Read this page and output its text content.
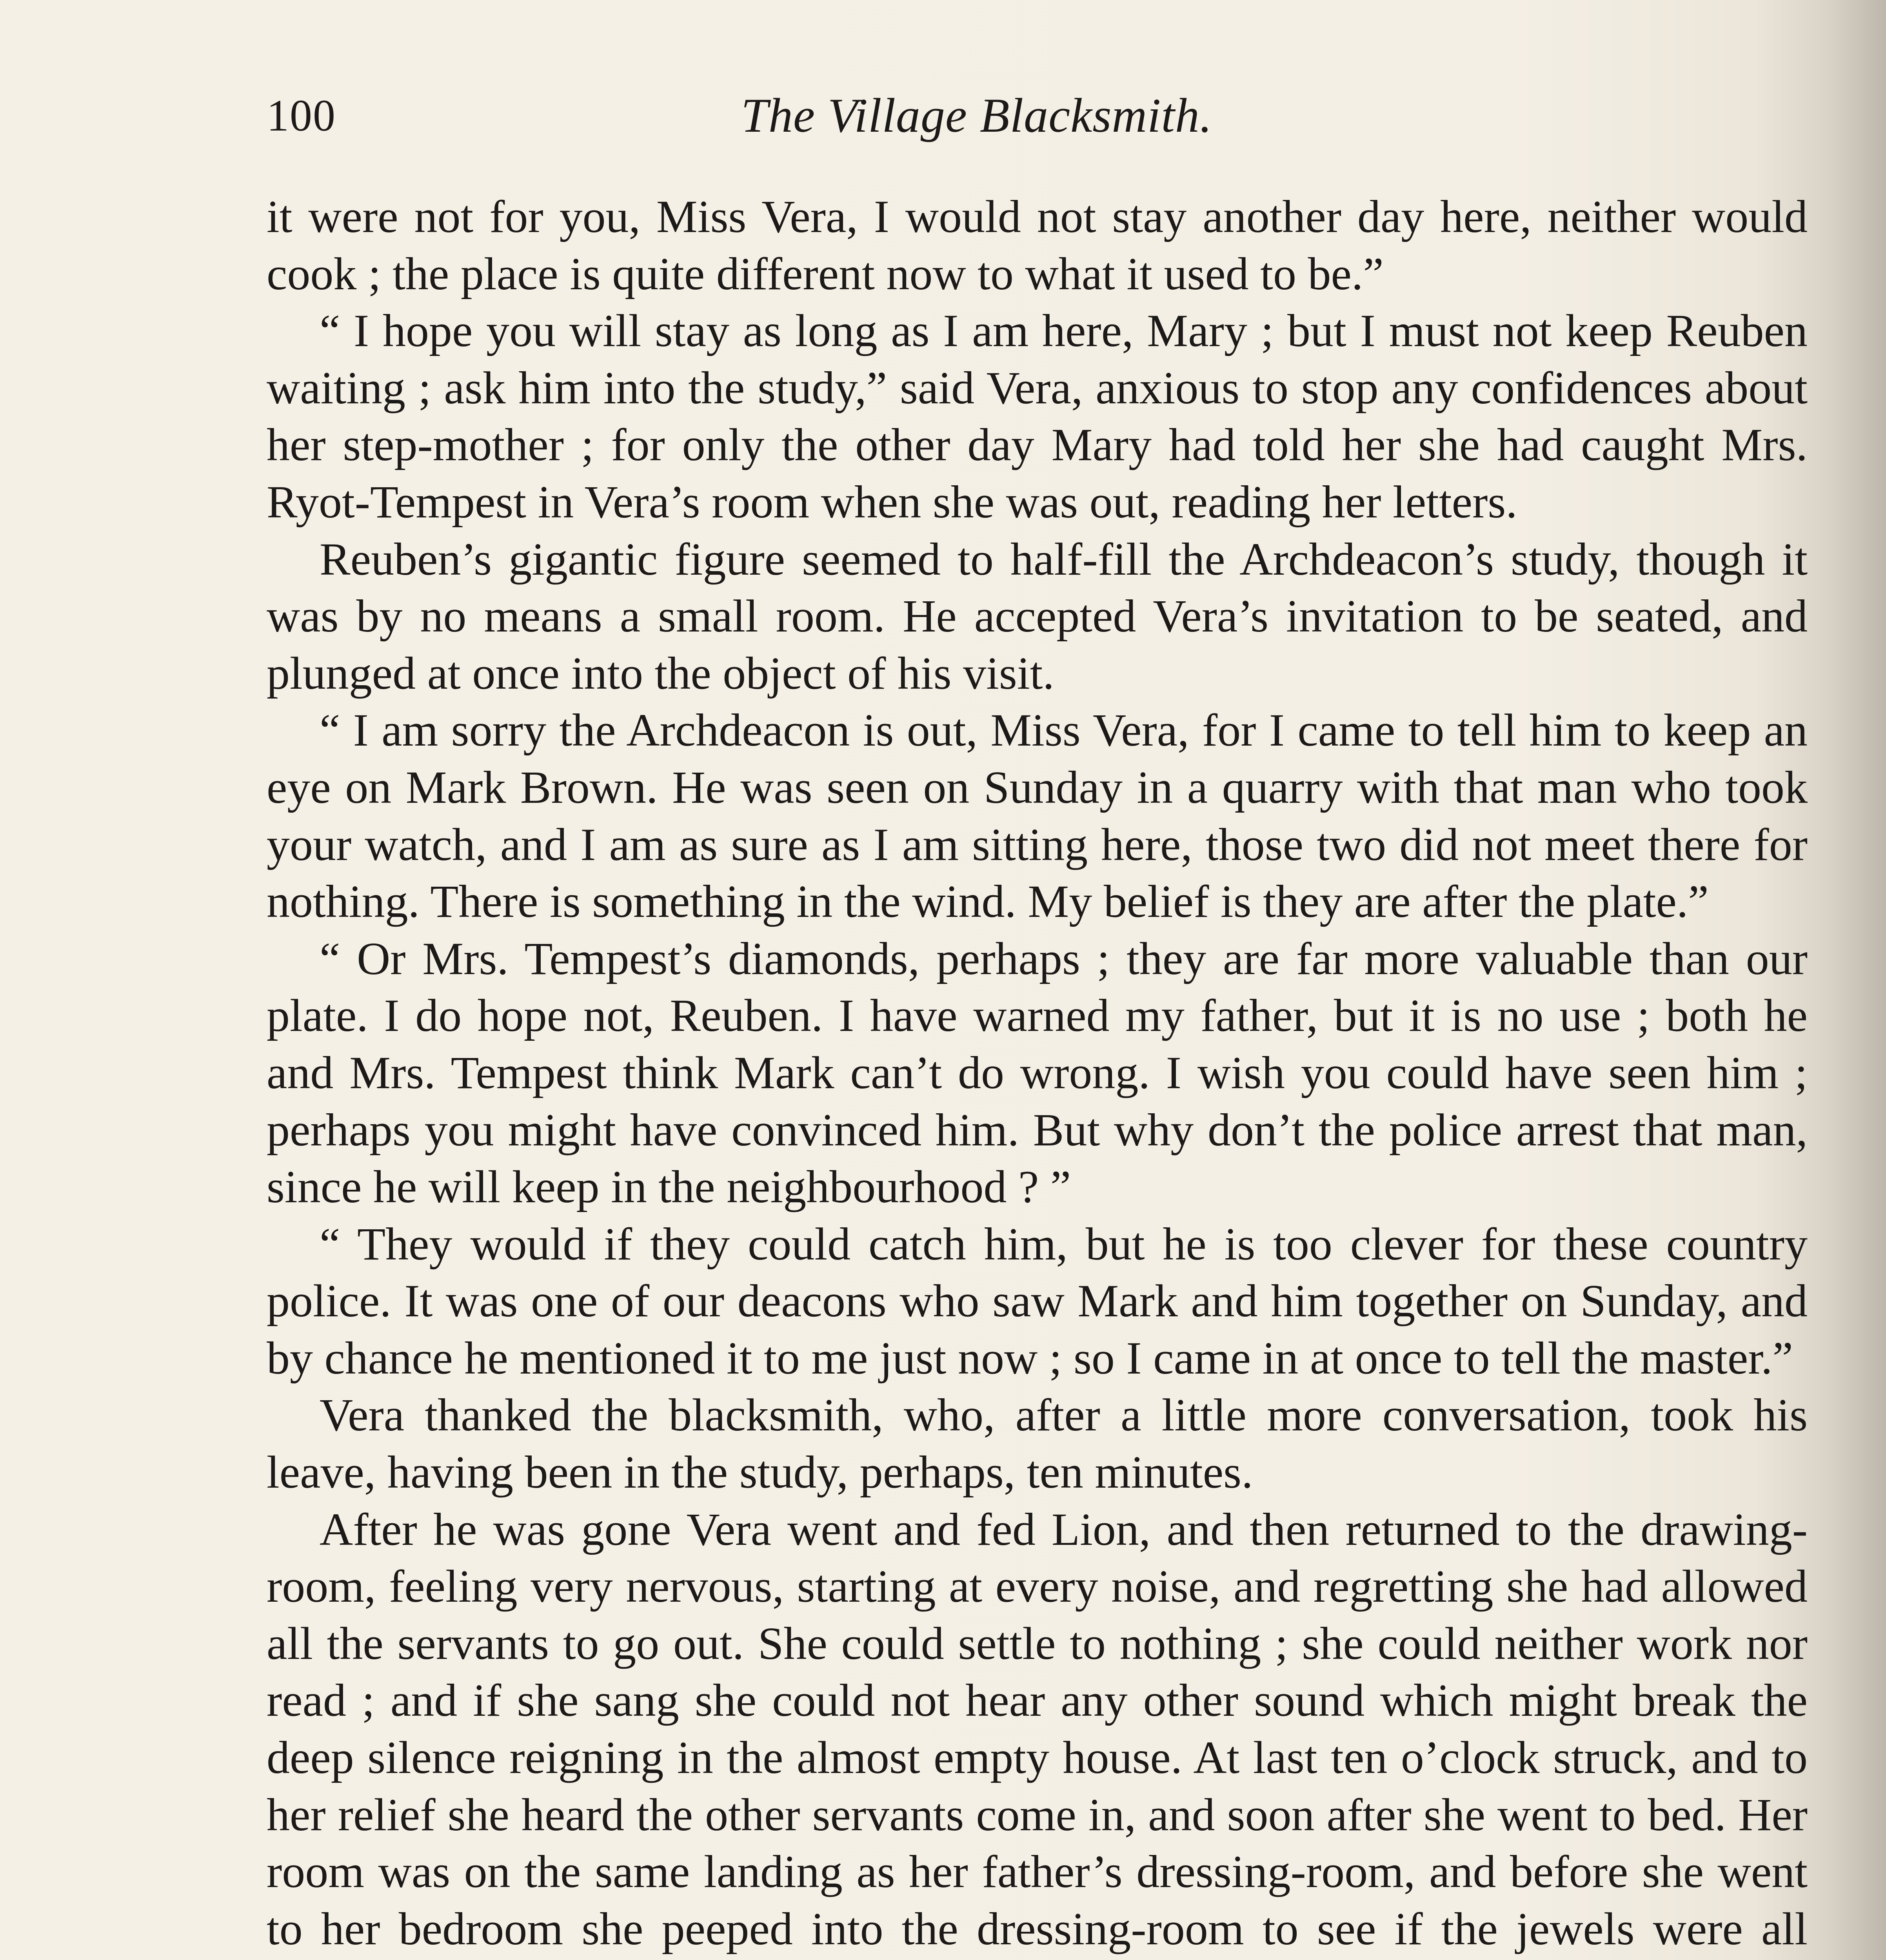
100	The Village Blacksmith.

it were not for you, Miss Vera, I would not stay another day here, neither would cook ; the place is quite different now to what it used to be.”

“ I hope you will stay as long as I am here, Mary ; but I must not keep Reuben waiting ; ask him into the study,” said Vera, anxious to stop any confidences about her step-mother ; for only the other day Mary had told her she had caught Mrs. Ryot-Tempest in Vera’s room when she was out, reading her letters.

Reuben’s gigantic figure seemed to half-fill the Archdeacon’s study, though it was by no means a small room. He accepted Vera’s invitation to be seated, and plunged at once into the object of his visit.

“ I am sorry the Archdeacon is out, Miss Vera, for I came to tell him to keep an eye on Mark Brown. He was seen on Sunday in a quarry with that man who took your watch, and I am as sure as I am sitting here, those two did not meet there for nothing. There is something in the wind. My belief is they are after the plate.”

“ Or Mrs. Tempest’s diamonds, perhaps ; they are far more valuable than our plate. I do hope not, Reuben. I have warned my father, but it is no use ; both he and Mrs. Tempest think Mark can’t do wrong. I wish you could have seen him ; perhaps you might have convinced him. But why don’t the police arrest that man, since he will keep in the neighbourhood ? ”

“ They would if they could catch him, but he is too clever for these country police. It was one of our deacons who saw Mark and him together on Sunday, and by chance he mentioned it to me just now ; so I came in at once to tell the master.”

Vera thanked the blacksmith, who, after a little more conversation, took his leave, having been in the study, perhaps, ten minutes.

After he was gone Vera went and fed Lion, and then returned to the drawing-room, feeling very nervous, starting at every noise, and regretting she had allowed all the servants to go out. She could settle to nothing ; she could neither work nor read ; and if she sang she could not hear any other sound which might break the deep silence reigning in the almost empty house. At last ten o’clock struck, and to her relief she heard the other servants come in, and soon after she went to bed. Her room was on the same landing as her father’s dressing-room, and before she went to her bedroom she peeped into the dressing-room to see if the jewels were all
